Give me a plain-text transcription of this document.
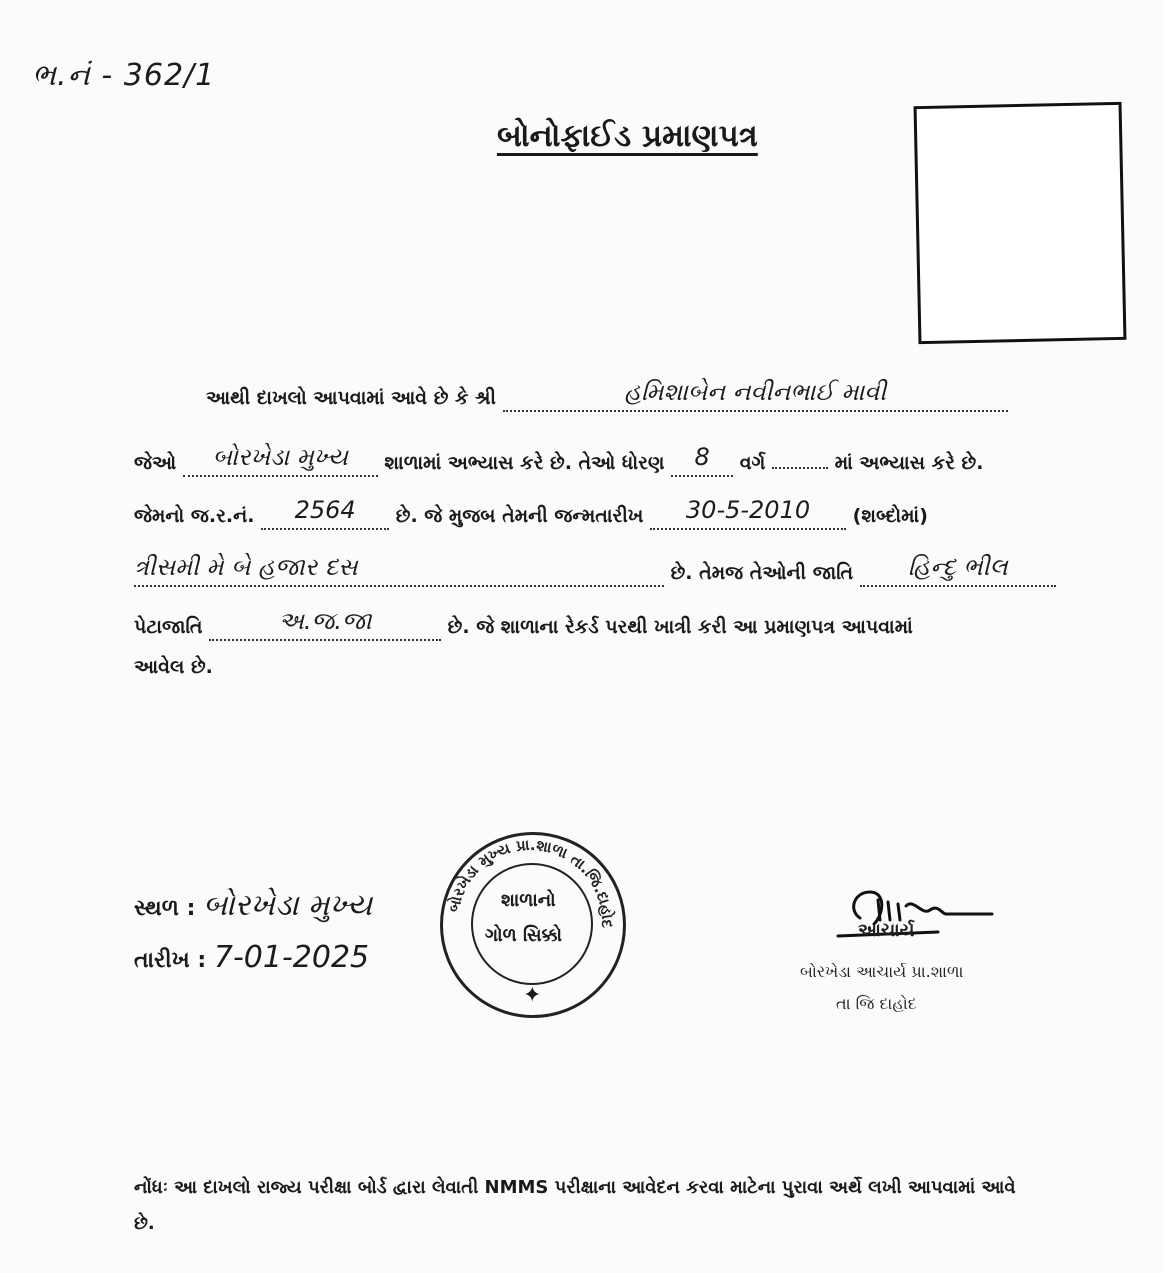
ભ.નં - 362/1
બોનોફાઈડ પ્રમાણપત્ર
આથી દાખલો આપવામાં આવે છે કે શ્રી	હમિશાબેન નવીનભાઈ માવી
જેઓ બોરખેડા મુખ્ય શાળામાં અભ્યાસ કરે છે. તેઓ ધોરણ 8 વર્ગ	માં અભ્યાસ કરે છે.
જેમનો જ.ર.નં. 2564 છે. જે મુજબ તેમની જન્મતારીખ 30-5-2010 (શબ્દોમાં)
ત્રીસમી મે બે હજાર દસ	છે. તેમજ તેઓની જાતિ હિન્દુ ભીલ
પેટાજાતિ	અ.જ.જા	છે. જે શાળાના રેકર્ડ પરથી ખાત્રી કરી આ પ્રમાણપત્ર આપવામાં
આવેલ છે.
સ્થળ : બોરખેડા મુખ્ય
તારીખ : 7-01-2025
બોરખેડા મુખ્ય પ્રા.શાળા તા.જિ.દાહોદ
શાળાનો
ગોળ સિક્કો
✦
આચાર્ય
બોરખેડા આચાર્ય પ્રા.શાળા
તા જિ દાહોદ
નોંધઃ આ દાખલો રાજ્ય પરીક્ષા બોર્ડ દ્વારા લેવાતી NMMS પરીક્ષાના આવેદન કરવા માટેના પુરાવા અર્થે લખી આપવામાં આવે છે.
